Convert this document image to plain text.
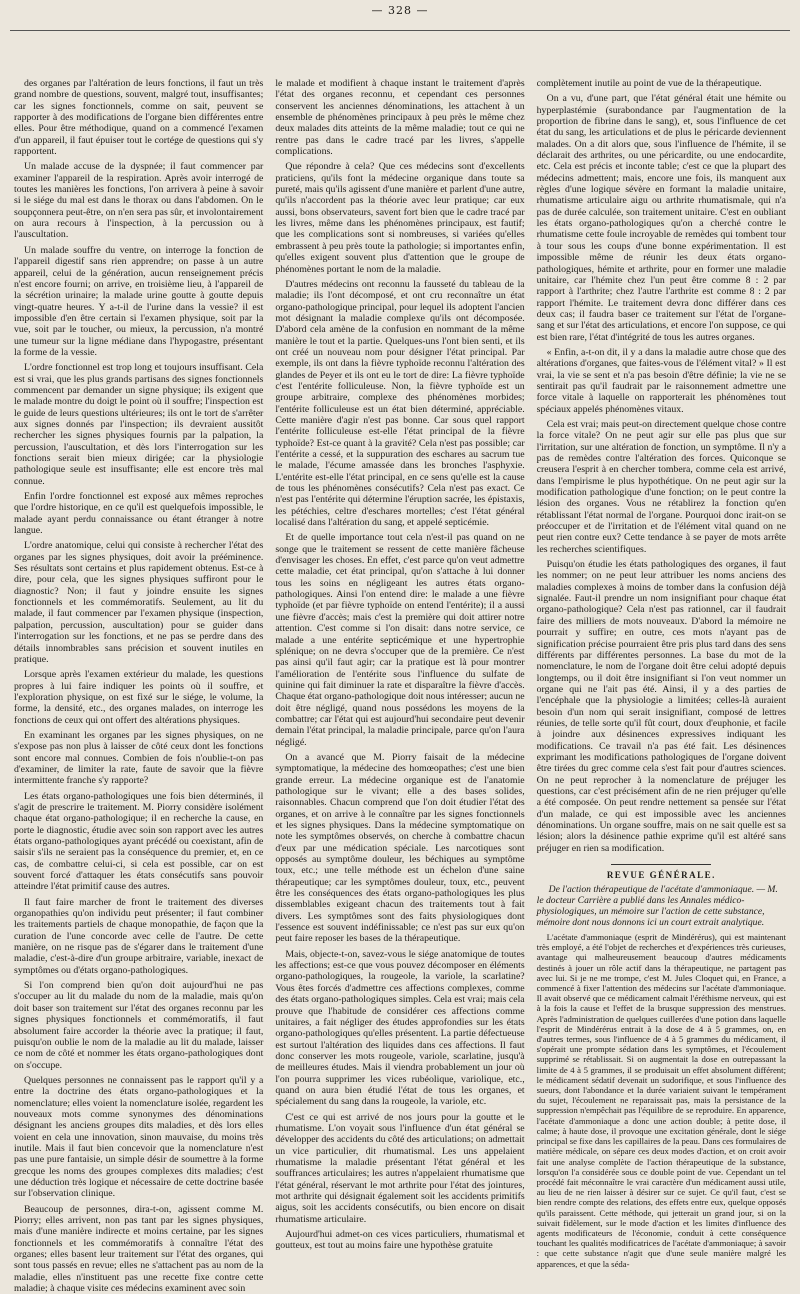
— 328 —

des organes par l'altération de leurs fonctions, il faut un très grand nombre de questions, souvent, malgré tout, insuffisantes; car les signes fonctionnels, comme on sait, peuvent se rapporter à des modifications de l'organe bien différentes entre elles. Pour être méthodique, quand on a commencé l'examen d'un appareil, il faut épuiser tout le cortége de questions qui s'y rapportent.

Un malade accuse de la dyspnée; il faut commencer par examiner l'appareil de la respiration. Après avoir interrogé de toutes les manières les fonctions, l'on arrivera à peine à savoir si le siége du mal est dans le thorax ou dans l'abdomen. On le soupçonnera peut-être, on n'en sera pas sûr, et involontairement on aura recours à l'inspection, à la percussion ou à l'auscultation.

Un malade souffre du ventre, on interroge la fonction de l'appareil digestif sans rien apprendre; on passe à un autre appareil, celui de la génération, aucun renseignement précis n'est encore fourni; on arrive, en troisième lieu, à l'appareil de la sécrétion urinaire; la malade urine goutte à goutte depuis vingt-quatre heures. Y a-t-il de l'urine dans la vessie? il est impossible d'en être certain si l'examen physique, soit par la vue, soit par le toucher, ou mieux, la percussion, n'a montré une tumeur sur la ligne médiane dans l'hypogastre, présentant la forme de la vessie.

L'ordre fonctionnel est trop long et toujours insuffisant. Cela est si vrai, que les plus grands partisans des signes fonctionnels commencent par demander un signe physique; ils exigent que le malade montre du doigt le point où il souffre; l'inspection est le guide de leurs questions ultérieures; ils ont le tort de s'arrêter aux signes donnés par l'inspection; ils devraient aussitôt rechercher les signes physiques fournis par la palpation, la percussion, l'auscultation, et dès lors l'interrogation sur les fonctions serait bien mieux dirigée; car la physiologie pathologique seule est insuffisante; elle est encore très mal connue.

Enfin l'ordre fonctionnel est exposé aux mêmes reproches que l'ordre historique, en ce qu'il est quelquefois impossible, le malade ayant perdu connaissance ou étant étranger à notre langue.

L'ordre anatomique, celui qui consiste à rechercher l'état des organes par les signes physiques, doit avoir la prééminence. Ses résultats sont certains et plus rapidement obtenus. Est-ce à dire, pour cela, que les signes physiques suffiront pour le diagnostic? Non; il faut y joindre ensuite les signes fonctionnels et les commémoratifs. Seulement, au lit du malade, il faut commencer par l'examen physique (inspection, palpation, percussion, auscultation) pour se guider dans l'interrogation sur les fonctions, et ne pas se perdre dans des détails innombrables sans précision et souvent inutiles en pratique.

Lorsque après l'examen extérieur du malade, les questions propres à lui faire indiquer les points où il souffre, et l'exploration physique, on est fixé sur le siége, le volume, la forme, la densité, etc., des organes malades, on interroge les fonctions de ceux qui ont offert des altérations physiques.

En examinant les organes par les signes physiques, on ne s'expose pas non plus à laisser de côté ceux dont les fonctions sont encore mal connues. Combien de fois n'oublie-t-on pas d'examiner, de limiter la rate, faute de savoir que la fièvre intermittente franche s'y rapporte?

Les états organo-pathologiques une fois bien déterminés, il s'agit de prescrire le traitement. M. Piorry considère isolément chaque état organo-pathologique; il en recherche la cause, en porte le diagnostic, étudie avec soin son rapport avec les autres états organo-pathologiques ayant précédé ou coexistant, afin de saisir s'ils ne seraient pas la conséquence du premier, et, en ce cas, de combattre celui-ci, si cela est possible, car on est souvent forcé d'attaquer les états consécutifs sans pouvoir atteindre l'état primitif cause des autres.

Il faut faire marcher de front le traitement des diverses organopathies qu'on individu peut présenter; il faut combiner les traitements partiels de chaque monopathie, de façon que la curation de l'une concorde avec celle de l'autre. De cette manière, on ne risque pas de s'égarer dans le traitement d'une maladie, c'est-à-dire d'un groupe arbitraire, variable, inexact de symptômes ou d'états organo-pathologiques.

Si l'on comprend bien qu'on doit aujourd'hui ne pas s'occuper au lit du malade du nom de la maladie, mais qu'on doit baser son traitement sur l'état des organes reconnu par les signes physiques fonctionnels et commémoratifs, il faut absolument faire accorder la théorie avec la pratique; il faut, puisqu'on oublie le nom de la maladie au lit du malade, laisser ce nom de côté et nommer les états organo-pathologiques dont on s'occupe.

Quelques personnes ne connaissent pas le rapport qu'il y a entre la doctrine des états organo-pathologiques et la nomenclature; elles voient la nomenclature isolée, regardent les nouveaux mots comme synonymes des dénominations désignant les anciens groupes dits maladies, et dès lors elles voient en cela une innovation, sinon mauvaise, du moins très inutile. Mais il faut bien concevoir que la nomenclature n'est pas une pure fantaisie, un simple désir de soumettre à la forme grecque les noms des groupes complexes dits maladies; c'est une déduction très logique et nécessaire de cette doctrine basée sur l'observation clinique.

Beaucoup de personnes, dira-t-on, agissent comme M. Piorry; elles arrivent, non pas tant par les signes physiques, mais d'une manière indirecte et moins certaine, par les signes fonctionnels et les commémoratifs à connaître l'état des organes; elles basent leur traitement sur l'état des organes, qui sont tous passés en revue; elles ne s'attachent pas au nom de la maladie, elles n'instituent pas une recette fixe contre cette maladie; à chaque visite ces médecins examinent avec soin

le malade et modifient à chaque instant le traitement d'après l'état des organes reconnu, et cependant ces personnes conservent les anciennes dénominations, les attachent à un ensemble de phénomènes principaux à peu près le même chez deux malades dits atteints de la même maladie; tout ce qui ne rentre pas dans le cadre tracé par les livres, s'appelle complications.

Que répondre à cela? Que ces médecins sont d'excellents praticiens, qu'ils font la médecine organique dans toute sa pureté, mais qu'ils agissent d'une manière et parlent d'une autre, qu'ils n'accordent pas la théorie avec leur pratique; car eux aussi, bons observateurs, savent fort bien que le cadre tracé par les livres, même dans les phénomènes principaux, est fautif; que les complications sont si nombreuses, si variées qu'elles embrassent à peu près toute la pathologie; si importantes enfin, qu'elles exigent souvent plus d'attention que le groupe de phénomènes portant le nom de la maladie.

D'autres médecins ont reconnu la fausseté du tableau de la maladie; ils l'ont décomposé, et ont cru reconnaître un état organo-pathologique principal, pour lequel ils adoptent l'ancien mot désignant la maladie complexe qu'ils ont décomposée. D'abord cela amène de la confusion en nommant de la même manière le tout et la partie. Quelques-uns l'ont bien senti, et ils ont créé un nouveau nom pour désigner l'état principal. Par exemple, ils ont dans la fièvre typhoïde reconnu l'altération des glandes de Peyer et ils ont eu le tort de dire: La fièvre typhoïde c'est l'entérite folliculeuse. Non, la fièvre typhoïde est un groupe arbitraire, complexe des phénomènes morbides; l'entérite folliculeuse est un état bien déterminé, appréciable. Cette manière d'agir n'est pas bonne. Car sous quel rapport l'entérite folliculeuse est-elle l'état principal de la fièvre typhoïde? Est-ce quant à la gravité? Cela n'est pas possible; car l'entérite a cessé, et la suppuration des eschares au sacrum tue le malade, l'écume amassée dans les bronches l'asphyxie. L'entérite est-elle l'état principal, en ce sens qu'elle est la cause de tous les phénomènes consécutifs? Cela n'est pas exact. Ce n'est pas l'entérite qui détermine l'éruption sacrée, les épistaxis, les pétéchies, celtre d'eschares mortelles; c'est l'état général localisé dans l'altération du sang, et appelé septicémie.

Et de quelle importance tout cela n'est-il pas quand on ne songe que le traitement se ressent de cette manière fâcheuse d'envisager les choses. En effet, c'est parce qu'on veut admettre cette maladie, cet état principal, qu'on s'attache à lui donner tous les soins en négligeant les autres états organo-pathologiques. Ainsi l'on entend dire: le malade a une fièvre typhoïde (et par fièvre typhoïde on entend l'entérite); il a aussi une fièvre d'accès; mais c'est la première qui doit attirer notre attention. C'est comme si l'on disait: dans notre service, ce malade a une entérite septicémique et une hypertrophie splénique; on ne devra s'occuper que de la première. Ce n'est pas ainsi qu'il faut agir; car la pratique est là pour montrer l'amélioration de l'entérite sous l'influence du sulfate de quinine qui fait diminuer la rate et disparaître la fièvre d'accès. Chaque état organo-pathologique doit nous intéresser; aucun ne doit être négligé, quand nous possédons les moyens de la combattre; car l'état qui est aujourd'hui secondaire peut devenir demain l'état principal, la maladie principale, parce qu'on l'aura négligé.

On a avancé que M. Piorry faisait de la médecine symptomatique, la médecine des homœopathes; c'est une bien grande erreur. La médecine organique est de l'anatomie pathologique sur le vivant; elle a des bases solides, raisonnables. Chacun comprend que l'on doit étudier l'état des organes, et on arrive à le connaître par les signes fonctionnels et les signes physiques. Dans la médecine symptomatique on note les symptômes observés, on cherche à combattre chacun d'eux par une médication spéciale. Les narcotiques sont opposés au symptôme douleur, les béchiques au symptôme toux, etc.; une telle méthode est un échelon d'une saine thérapeutique; car les symptômes douleur, toux, etc., peuvent être les conséquences des états organo-pathologiques les plus dissemblables exigeant chacun des traitements tout à fait divers. Les symptômes sont des faits physiologiques dont l'essence est souvent indéfinissable; ce n'est pas sur eux qu'on peut faire reposer les bases de la thérapeutique.

Mais, objecte-t-on, savez-vous le siége anatomique de toutes les affections; est-ce que vous pouvez décomposer en éléments organo-pathologiques, la rougeole, la variole, la scarlatine? Vous êtes forcés d'admettre ces affections complexes, comme des états organo-pathologiques simples. Cela est vrai; mais cela prouve que l'habitude de considérer ces affections comme unitaires, a fait négliger des études approfondies sur les états organo-pathologiques qu'elles présentent. La partie défectueuse est surtout l'altération des liquides dans ces affections. Il faut donc conserver les mots rougeole, variole, scarlatine, jusqu'à de meilleures études. Mais il viendra probablement un jour où l'on pourra supprimer les vices rubéolique, variolique, etc., quand on aura bien étudié l'état de tous les organes, et spécialement du sang dans la rougeole, la variole, etc.

C'est ce qui est arrivé de nos jours pour la goutte et le rhumatisme. L'on voyait sous l'influence d'un état général se développer des accidents du côté des articulations; on admettait un vice particulier, dit rhumatismal. Les uns appelaient rhumatisme la maladie présentant l'état général et les souffrances articulaires; les autres n'appelaient rhumatisme que l'état général, réservant le mot arthrite pour l'état des jointures, mot arthrite qui désignait également soit les accidents primitifs aigus, soit les accidents consécutifs, ou bien encore on disait rhumatisme articulaire.

Aujourd'hui admet-on ces vices particuliers, rhumatismal et goutteux, est tout au moins faire une hypothèse gratuite

complètement inutile au point de vue de la thérapeutique.

On a vu, d'une part, que l'état général était une hémite ou hyperplastémie (surabondance par l'augmentation de la proportion de fibrine dans le sang), et, sous l'influence de cet état du sang, les articulations et de plus le péricarde deviennent malades. On a dit alors que, sous l'influence de l'hémite, il se déclarait des arthrites, ou une péricardite, ou une endocardite, etc. Cela est précis et inconte table; c'est ce que la plupart des médecins admettent; mais, encore une fois, ils manquent aux règles d'une logique sévère en formant la maladie unitaire, rhumatisme articulaire aigu ou arthrite rhumatismale, qui n'a pas de durée calculée, son traitement unitaire. C'est en oubliant les états organo-pathologiques qu'on a cherché contre le rhumatisme cette foule incroyable de remèdes qui tombent tour à tour sous les coups d'une bonne expérimentation. Il est impossible même de réunir les deux états organo-pathologiques, hémite et arthrite, pour en former une maladie unitaire, car l'hémite chez l'un peut être comme 8 : 2 par rapport à l'arthrite; chez l'autre l'arthrite est comme 8 : 2 par rapport l'hémite. Le traitement devra donc différer dans ces deux cas; il faudra baser ce traitement sur l'état de l'organe-sang et sur l'état des articulations, et encore l'on suppose, ce qui est bien rare, l'état d'intégrité de tous les autres organes.

« Enfin, a-t-on dit, il y a dans la maladie autre chose que des altérations d'organes, que faites-vous de l'élément vital? » Il est vrai, la vie se sent et n'a pas besoin d'être définie; la vie ne se sentirait pas qu'il faudrait par le raisonnement admettre une force vitale à laquelle on rapporterait les phénomènes tout spéciaux appelés phénomènes vitaux.

Cela est vrai; mais peut-on directement quelque chose contre la force vitale? On ne peut agir sur elle pas plus que sur l'irritation, sur une altération de fonction, un symptôme. Il n'y a pas de remèdes contre l'altération des forces. Quiconque se creusera l'esprit à en chercher tombera, comme cela est arrivé, dans l'empirisme le plus hypothétique. On ne peut agir sur la modification pathologique d'une fonction; on le peut contre la lésion des organes. Vous ne rétablirez la fonction qu'en rétablissant l'état normal de l'organe. Pourquoi donc irait-on se préoccuper et de l'irritation et de l'élément vital quand on ne peut rien contre eux? Cette tendance à se payer de mots arrête les recherches scientifiques.

Puisqu'on étudie les états pathologiques des organes, il faut les nommer; on ne peut leur attribuer les noms anciens des maladies complexes à moins de tomber dans la confusion déjà signalée. Faut-il prendre un nom insignifiant pour chaque état organo-pathologique? Cela n'est pas rationnel, car il faudrait faire des milliers de mots nouveaux. D'abord la mémoire ne pourrait y suffire; en outre, ces mots n'ayant pas de signification précise pourraient être pris plus tard dans des sens différents par différentes personnes. La base du mot de la nomenclature, le nom de l'organe doit être celui adopté depuis longtemps, ou il doit être insignifiant si l'on veut nommer un organe qui ne l'ait pas été. Ainsi, il y a des parties de l'encéphale que la physiologie a limitées; celles-là auraient besoin d'un nom qui serait insignifiant, composé de lettres réunies, de telle sorte qu'il fût court, doux d'euphonie, et facile à joindre aux désinences expressives indiquant les modifications. Ce travail n'a pas été fait. Les désinences exprimant les modifications pathologiques de l'organe doivent être tirées du grec comme cela s'est fait pour d'autres sciences. On ne peut reprocher à la nomenclature de préjuger les questions, car c'est précisément afin de ne rien préjuger qu'elle a été composée. On peut rendre nettement sa pensée sur l'état d'un malade, ce qui est impossible avec les anciennes dénominations. Un organe souffre, mais on ne sait quelle est sa lésion; alors la désinence pathie exprime qu'il est altéré sans préjuger en rien sa modification.

REVUE GÉNÉRALE.
De l'action thérapeutique de l'acétate d'ammoniaque. — M. le docteur Carrière a publié dans les Annales médico-physiologiques, un mémoire sur l'action de cette substance, mémoire dont nous donnons ici un court extrait analytique.

L'acétate d'ammoniaque (esprit de Mindérérus), qui est maintenant très employé, a été l'objet de recherches et d'expériences très curieuses, avantage qui malheureusement beaucoup d'autres médicaments destinés à jouer un rôle actif dans la thérapeutique, ne partagent pas avec lui. Si je ne me trompe, c'est M. Jules Cloquet qui, en France, a commencé à fixer l'attention des médecins sur l'acétate d'ammoniaque. Il avait observé que ce médicament calmait l'éréthisme nerveux, qui est à la fois la cause et l'effet de la brusque suppression des menstrues. Après l'administration de quelques cuillerées d'une potion dans laquelle l'esprit de Mindérérus entrait à la dose de 4 à 5 grammes, on, en d'autres termes, sous l'influence de 4 à 5 grammes du médicament, il s'opérait une prompte sédation dans les symptômes, et l'écoulement supprimé se rétablissait. Si on augmentait la dose en outrepassant la limite de 4 à 5 grammes, il se produisait un effet absolument différent; le médicament sédatif devenait un sudorifique, et sous l'influence des sueurs, dont l'abondance et la durée variaient suivant le tempérament du sujet, l'écoulement ne reparaissait pas, mais la persistance de la suppression n'empêchait pas l'équilibre de se reproduire. En apparence, l'acétate d'ammoniaque a donc une action double; à petite dose, il calme; à haute dose, il provoque une excitation générale, dont le siége principal se fixe dans les capillaires de la peau. Dans ces formulaires de matière médicale, on sépare ces deux modes d'action, et on croit avoir fait une analyse complète de l'action thérapeutique de la substance, lorsqu'on l'a considérée sous ce double point de vue. Cependant un tel procédé fait méconnaître le vrai caractère d'un médicament aussi utile, au lieu de ne rien laisser à désirer sur ce sujet. Ce qu'il faut, c'est se bien rendre compte des relations, des effets entre eux, quelque opposés qu'ils paraissent. Cette méthode, qui jetterait un grand jour, si on la suivait fidèlement, sur le mode d'action et les limites d'influence des agents modificateurs de l'économie, conduit à cette conséquence touchant les qualités modificatrices de l'acétate d'ammoniaque; à savoir : que cette substance n'agit que d'une seule manière malgré les apparences, et que la séda-
